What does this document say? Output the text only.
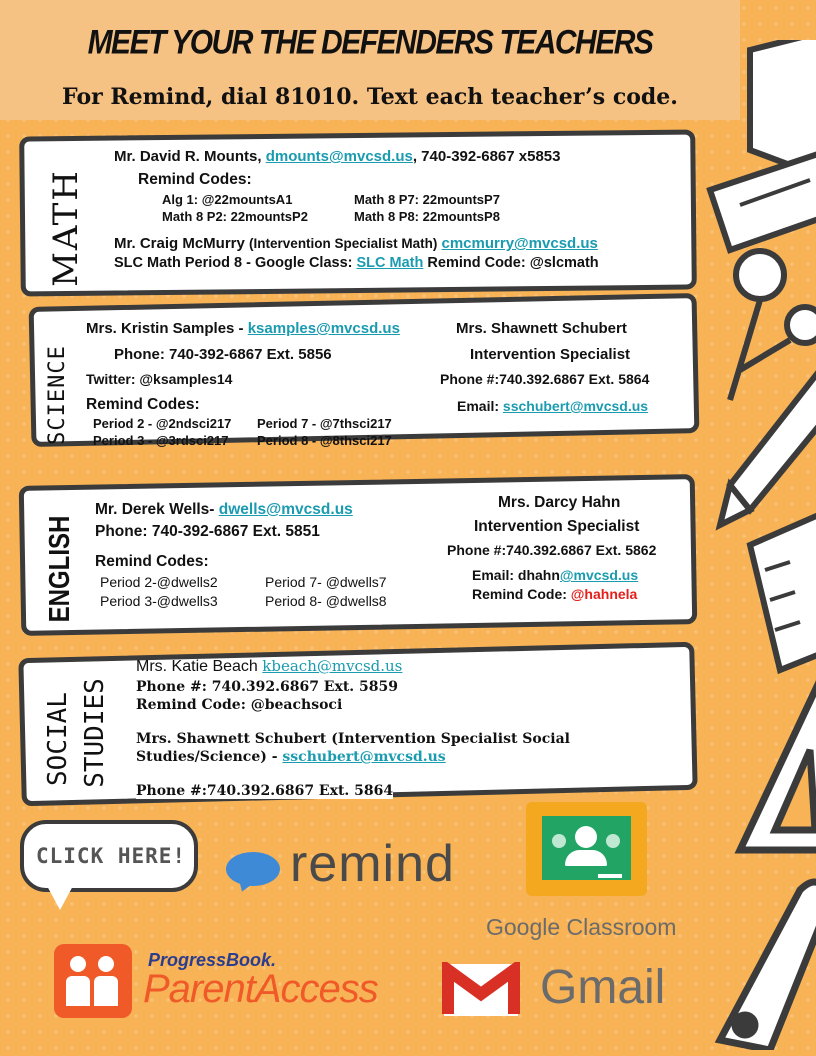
MEET YOUR THE DEFENDERS TEACHERS
For Remind, dial 81010. Text each teacher’s code.
MATH
Mr. David R. Mounts, dmounts@mvcsd.us, 740-392-6867 x5853
Remind Codes:
Alg 1: @22mountsA1	Math 8 P7: 22mountsP7
Math 8 P2: 22mountsP2	Math 8 P8: 22mountsP8
Mr. Craig McMurry (Intervention Specialist Math) cmcmurry@mvcsd.us
SLC Math Period 8 - Google Class: SLC Math Remind Code: @slcmath
SCIENCE
Mrs. Kristin Samples - ksamples@mvcsd.us
Phone: 740-392-6867 Ext. 5856
Twitter: @ksamples14
Remind Codes:
Period 2 - @2ndsci217 Period 7 - @7thsci217
Period 3 - @3rdsci217 Period 8 - @8thsci217
Mrs. Shawnett Schubert
Intervention Specialist
Phone #:740.392.6867 Ext. 5864
Email: sschubert@mvcsd.us
ENGLISH
Mr. Derek Wells- dwells@mvcsd.us
Phone: 740-392-6867 Ext. 5851
Remind Codes:
Period 2-@dwells2	Period 7- @dwells7
Period 3-@dwells3	Period 8- @dwells8
Mrs. Darcy Hahn
Intervention Specialist
Phone #:740.392.6867 Ext. 5862
Email: dhahn@mvcsd.us
Remind Code: @hahnela
SOCIAL STUDIES
Mrs. Katie Beach kbeach@mvcsd.us
Phone #: 740.392.6867 Ext. 5859
Remind Code: @beachsoci
Mrs. Shawnett Schubert (Intervention Specialist Social
Studies/Science) - sschubert@mvcsd.us
Phone #:740.392.6867 Ext. 5864
CLICK HERE! remind
Google Classroom
ProgressBook.
ParentAccess	Gmail
